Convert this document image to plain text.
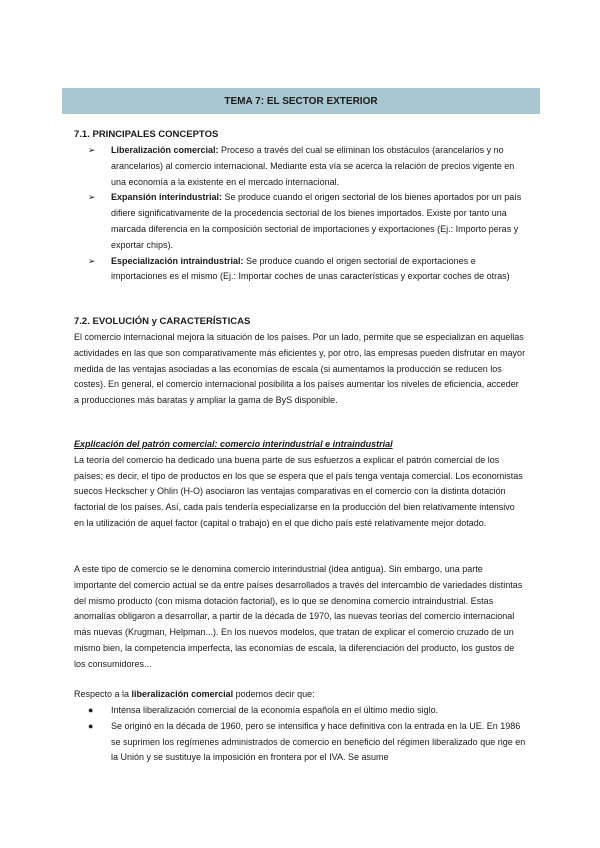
TEMA 7: EL SECTOR EXTERIOR
7.1. PRINCIPALES CONCEPTOS
➢ Liberalización comercial: Proceso a través del cual se eliminan los obstáculos (arancelarios y no arancelarios) al comercio internacional. Mediante esta vía se acerca la relación de precios vigente en una economía a la existente en el mercado internacional.
➢ Expansión interindustrial: Se produce cuando el origen sectorial de los bienes aportados por un país difiere significativamente de la procedencia sectorial de los bienes importados. Existe por tanto una marcada diferencia en la composición sectorial de importaciones y exportaciones (Ej.: Importo peras y exportar chips).
➢ Especialización intraindustrial: Se produce cuando el origen sectorial de exportaciones e importaciones es el mismo (Ej.: Importar coches de unas características y exportar coches de otras)
7.2. EVOLUCIÓN y CARACTERÍSTICAS

El comercio internacional mejora la situación de los países. Por un lado, permite que se especializan en aquellas actividades en las que son comparativamente más eficientes y, por otro, las empresas pueden disfrutar en mayor medida de las ventajas asociadas a las economías de escala (si aumentamos la producción se reducen los costes). En general, el comercio internacional posibilita a los países aumentar los niveles de eficiencia, acceder a producciones más baratas y ampliar la gama de ByS disponible.

Explicación del patrón comercial: comercio interindustrial e intraindustrial
La teoría del comercio ha dedicado una buena parte de sus esfuerzos a explicar el patrón comercial de los países; es decir, el tipo de productos en los que se espera que el país tenga ventaja comercial. Los economistas suecos Heckscher y Ohlin (H-O) asociaron las ventajas comparativas en el comercio con la distinta dotación factorial de los países. Así, cada país tendería especializarse en la producción del bien relativamente intensivo en la utilización de aquel factor (capital o trabajo) en el que dicho país esté relativamente mejor dotado.

A este tipo de comercio se le denomina comercio interindustrial (idea antigua). Sin embargo, una parte importante del comercio actual se da entre países desarrollados a través del intercambio de variedades distintas del mismo producto (con misma dotación factorial), es lo que se denomina comercio intraindustrial. Estas anomalías obligaron a desarrollar, a partir de la década de 1970, las nuevas teorías del comercio internacional más nuevas (Krugman, Helpman...). En los nuevos modelos, que tratan de explicar el comercio cruzado de un mismo bien, la competencia imperfecta, las economías de escala, la diferenciación del producto, los gustos de los consumidores...

Respecto a la liberalización comercial podemos decir que:

● Intensa liberalización comercial de la economía española en el último medio siglo.
● Se originó en la década de 1960, pero se intensifica y hace definitiva con la entrada en la UE. En 1986 se suprimen los regímenes administrados de comercio en beneficio del régimen liberalizado que rige en la Unión y se sustituye la imposición en frontera por el IVA. Se asume
